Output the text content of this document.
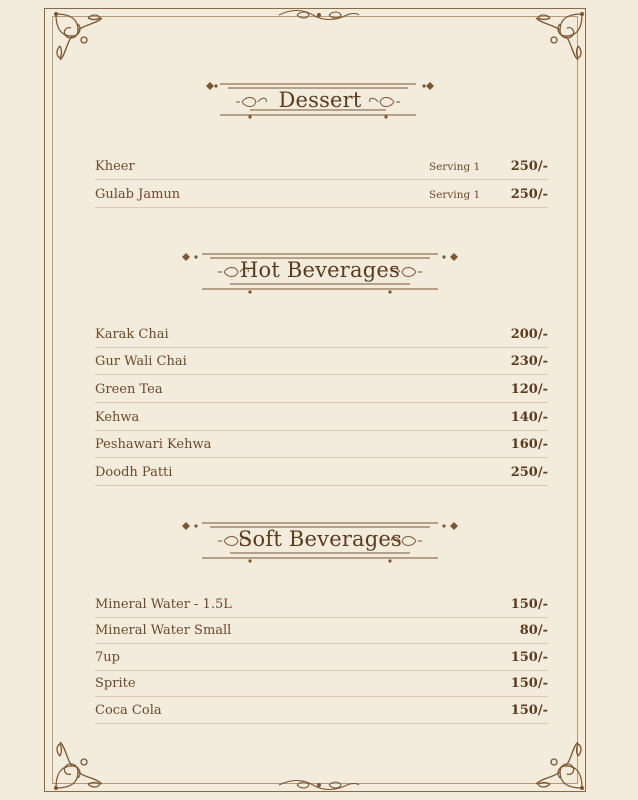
Dessert
Kheer	Serving 1 250/-
Gulab Jamun	Serving 1 250/-
Hot Beverages
Karak Chai	200/-
Gur Wali Chai	230/-
Green Tea	120/-
Kehwa	140/-
Peshawari Kehwa	160/-
Doodh Patti	250/-
Soft Beverages
Mineral Water - 1.5L	150/-
Mineral Water Small	80/-
7up	150/-
Sprite	150/-
Coca Cola	150/-
